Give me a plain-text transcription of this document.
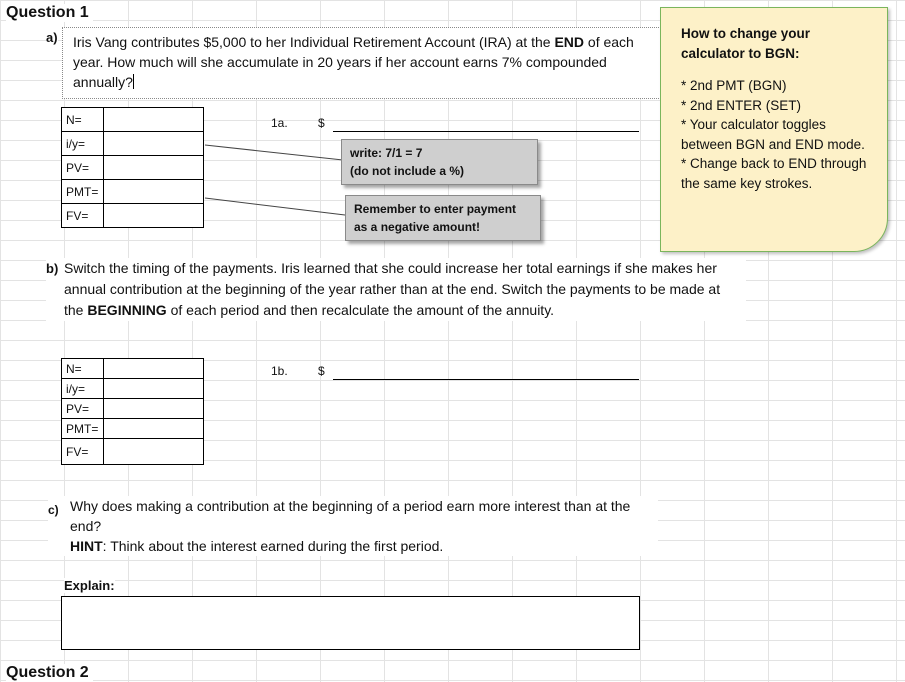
Question 1
a)	Iris Vang contributes $5,000 to her Individual Retirement Account (IRA) at the END of each year. How much will she accumulate in 20 years if her account earns 7% compounded annually?
N=	
i/y=	
PV=	
PMT=	
FV=	
1a.	$
write: 7/1 = 7
(do not include a %)
Remember to enter payment
as a negative amount!
How to change your calculator to BGN:
* 2nd PMT (BGN)
* 2nd ENTER (SET)
* Your calculator toggles between BGN and END mode.
* Change back to END through the same key strokes.
b) Switch the timing of the payments. Iris learned that she could increase her total earnings if she makes her annual contribution at the beginning of the year rather than at the end. Switch the payments to be made at the BEGINNING of each period and then recalculate the amount of the annuity.
N=	
i/y=	
PV=	
PMT=	
FV=	
1b.	$
c) Why does making a contribution at the beginning of a period earn more interest than at the end?
HINT: Think about the interest earned during the first period.
Explain:
Question 2
